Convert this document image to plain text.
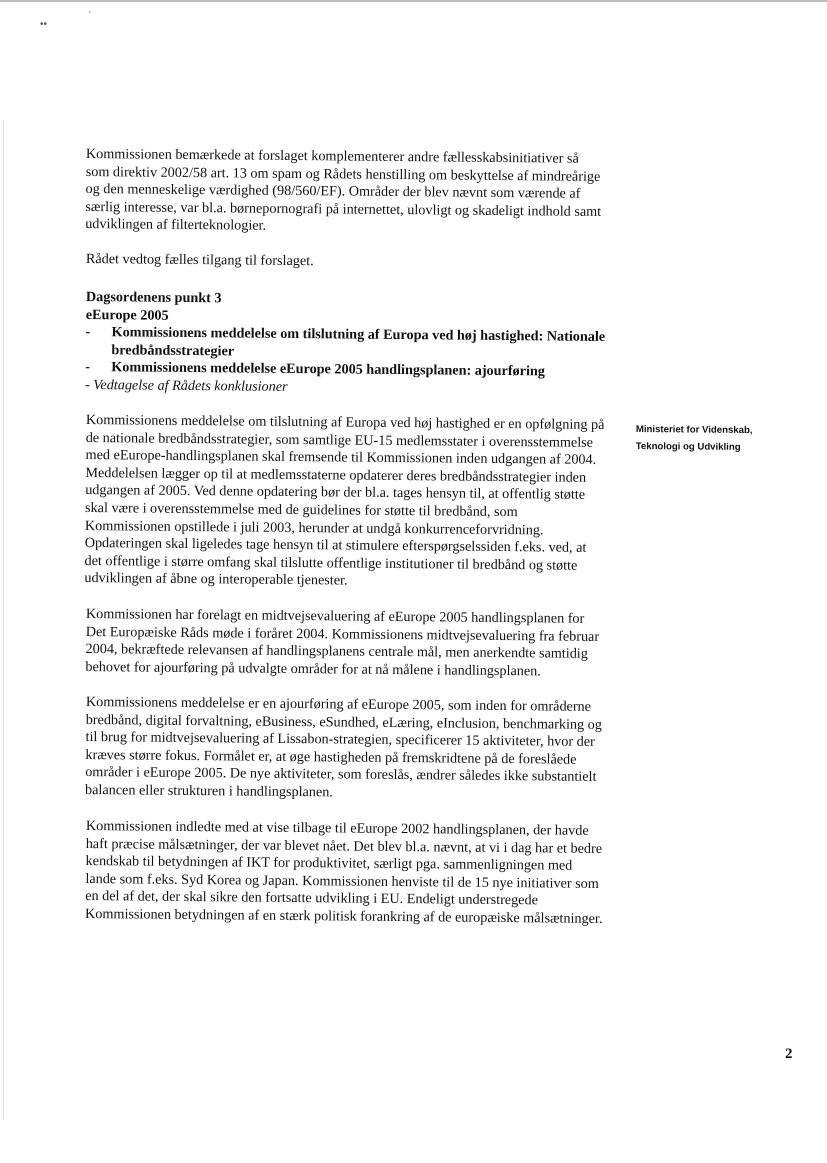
••
`

Kommissionen bemærkede at forslaget komplementerer andre fællesskabsinitiativer så som direktiv 2002/58 art. 13 om spam og Rådets henstilling om beskyttelse af mindreårige og den menneskelige værdighed (98/560/EF). Områder der blev nævnt som værende af særlig interesse, var bl.a. børnepornografi på internettet, ulovligt og skadeligt indhold samt udviklingen af filterteknologier.

Rådet vedtog fælles tilgang til forslaget.

Dagsordenens punkt 3
eEurope 2005
-	Kommissionens meddelelse om tilslutning af Europa ved høj hastighed: Nationale bredbåndsstrategier
-	Kommissionens meddelelse eEurope 2005 handlingsplanen: ajourføring
- Vedtagelse af Rådets konklusioner

Kommissionens meddelelse om tilslutning af Europa ved høj hastighed er en opfølgning på de nationale bredbåndsstrategier, som samtlige EU-15 medlemsstater i overensstemmelse med eEurope-handlingsplanen skal fremsende til Kommissionen inden udgangen af 2004. Meddelelsen lægger op til at medlemsstaterne opdaterer deres bredbåndsstrategier inden udgangen af 2005. Ved denne opdatering bør der bl.a. tages hensyn til, at offentlig støtte skal være i overensstemmelse med de guidelines for støtte til bredbånd, som Kommissionen opstillede i juli 2003, herunder at undgå konkurrenceforvridning. Opdateringen skal ligeledes tage hensyn til at stimulere efterspørgselssiden f.eks. ved, at det offentlige i større omfang skal tilslutte offentlige institutioner til bredbånd og støtte udviklingen af åbne og interoperable tjenester.

Kommissionen har forelagt en midtvejsevaluering af eEurope 2005 handlingsplanen for Det Europæiske Råds møde i foråret 2004. Kommissionens midtvejsevaluering fra februar 2004, bekræftede relevansen af handlingsplanens centrale mål, men anerkendte samtidig behovet for ajourføring på udvalgte områder for at nå målene i handlingsplanen.

Kommissionens meddelelse er en ajourføring af eEurope 2005, som inden for områderne bredbånd, digital forvaltning, eBusiness, eSundhed, eLæring, eInclusion, benchmarking og til brug for midtvejsevaluering af Lissabon-strategien, specificerer 15 aktiviteter, hvor der kræves større fokus. Formålet er, at øge hastigheden på fremskridtene på de foreslåede områder i eEurope 2005. De nye aktiviteter, som foreslås, ændrer således ikke substantielt balancen eller strukturen i handlingsplanen.

Kommissionen indledte med at vise tilbage til eEurope 2002 handlingsplanen, der havde haft præcise målsætninger, der var blevet nået. Det blev bl.a. nævnt, at vi i dag har et bedre kendskab til betydningen af IKT for produktivitet, særligt pga. sammenligningen med lande som f.eks. Syd Korea og Japan. Kommissionen henviste til de 15 nye initiativer som en del af det, der skal sikre den fortsatte udvikling i EU. Endeligt understregede Kommissionen betydningen af en stærk politisk forankring af de europæiske målsætninger.

Ministeriet for Videnskab,
Teknologi og Udvikling
2
